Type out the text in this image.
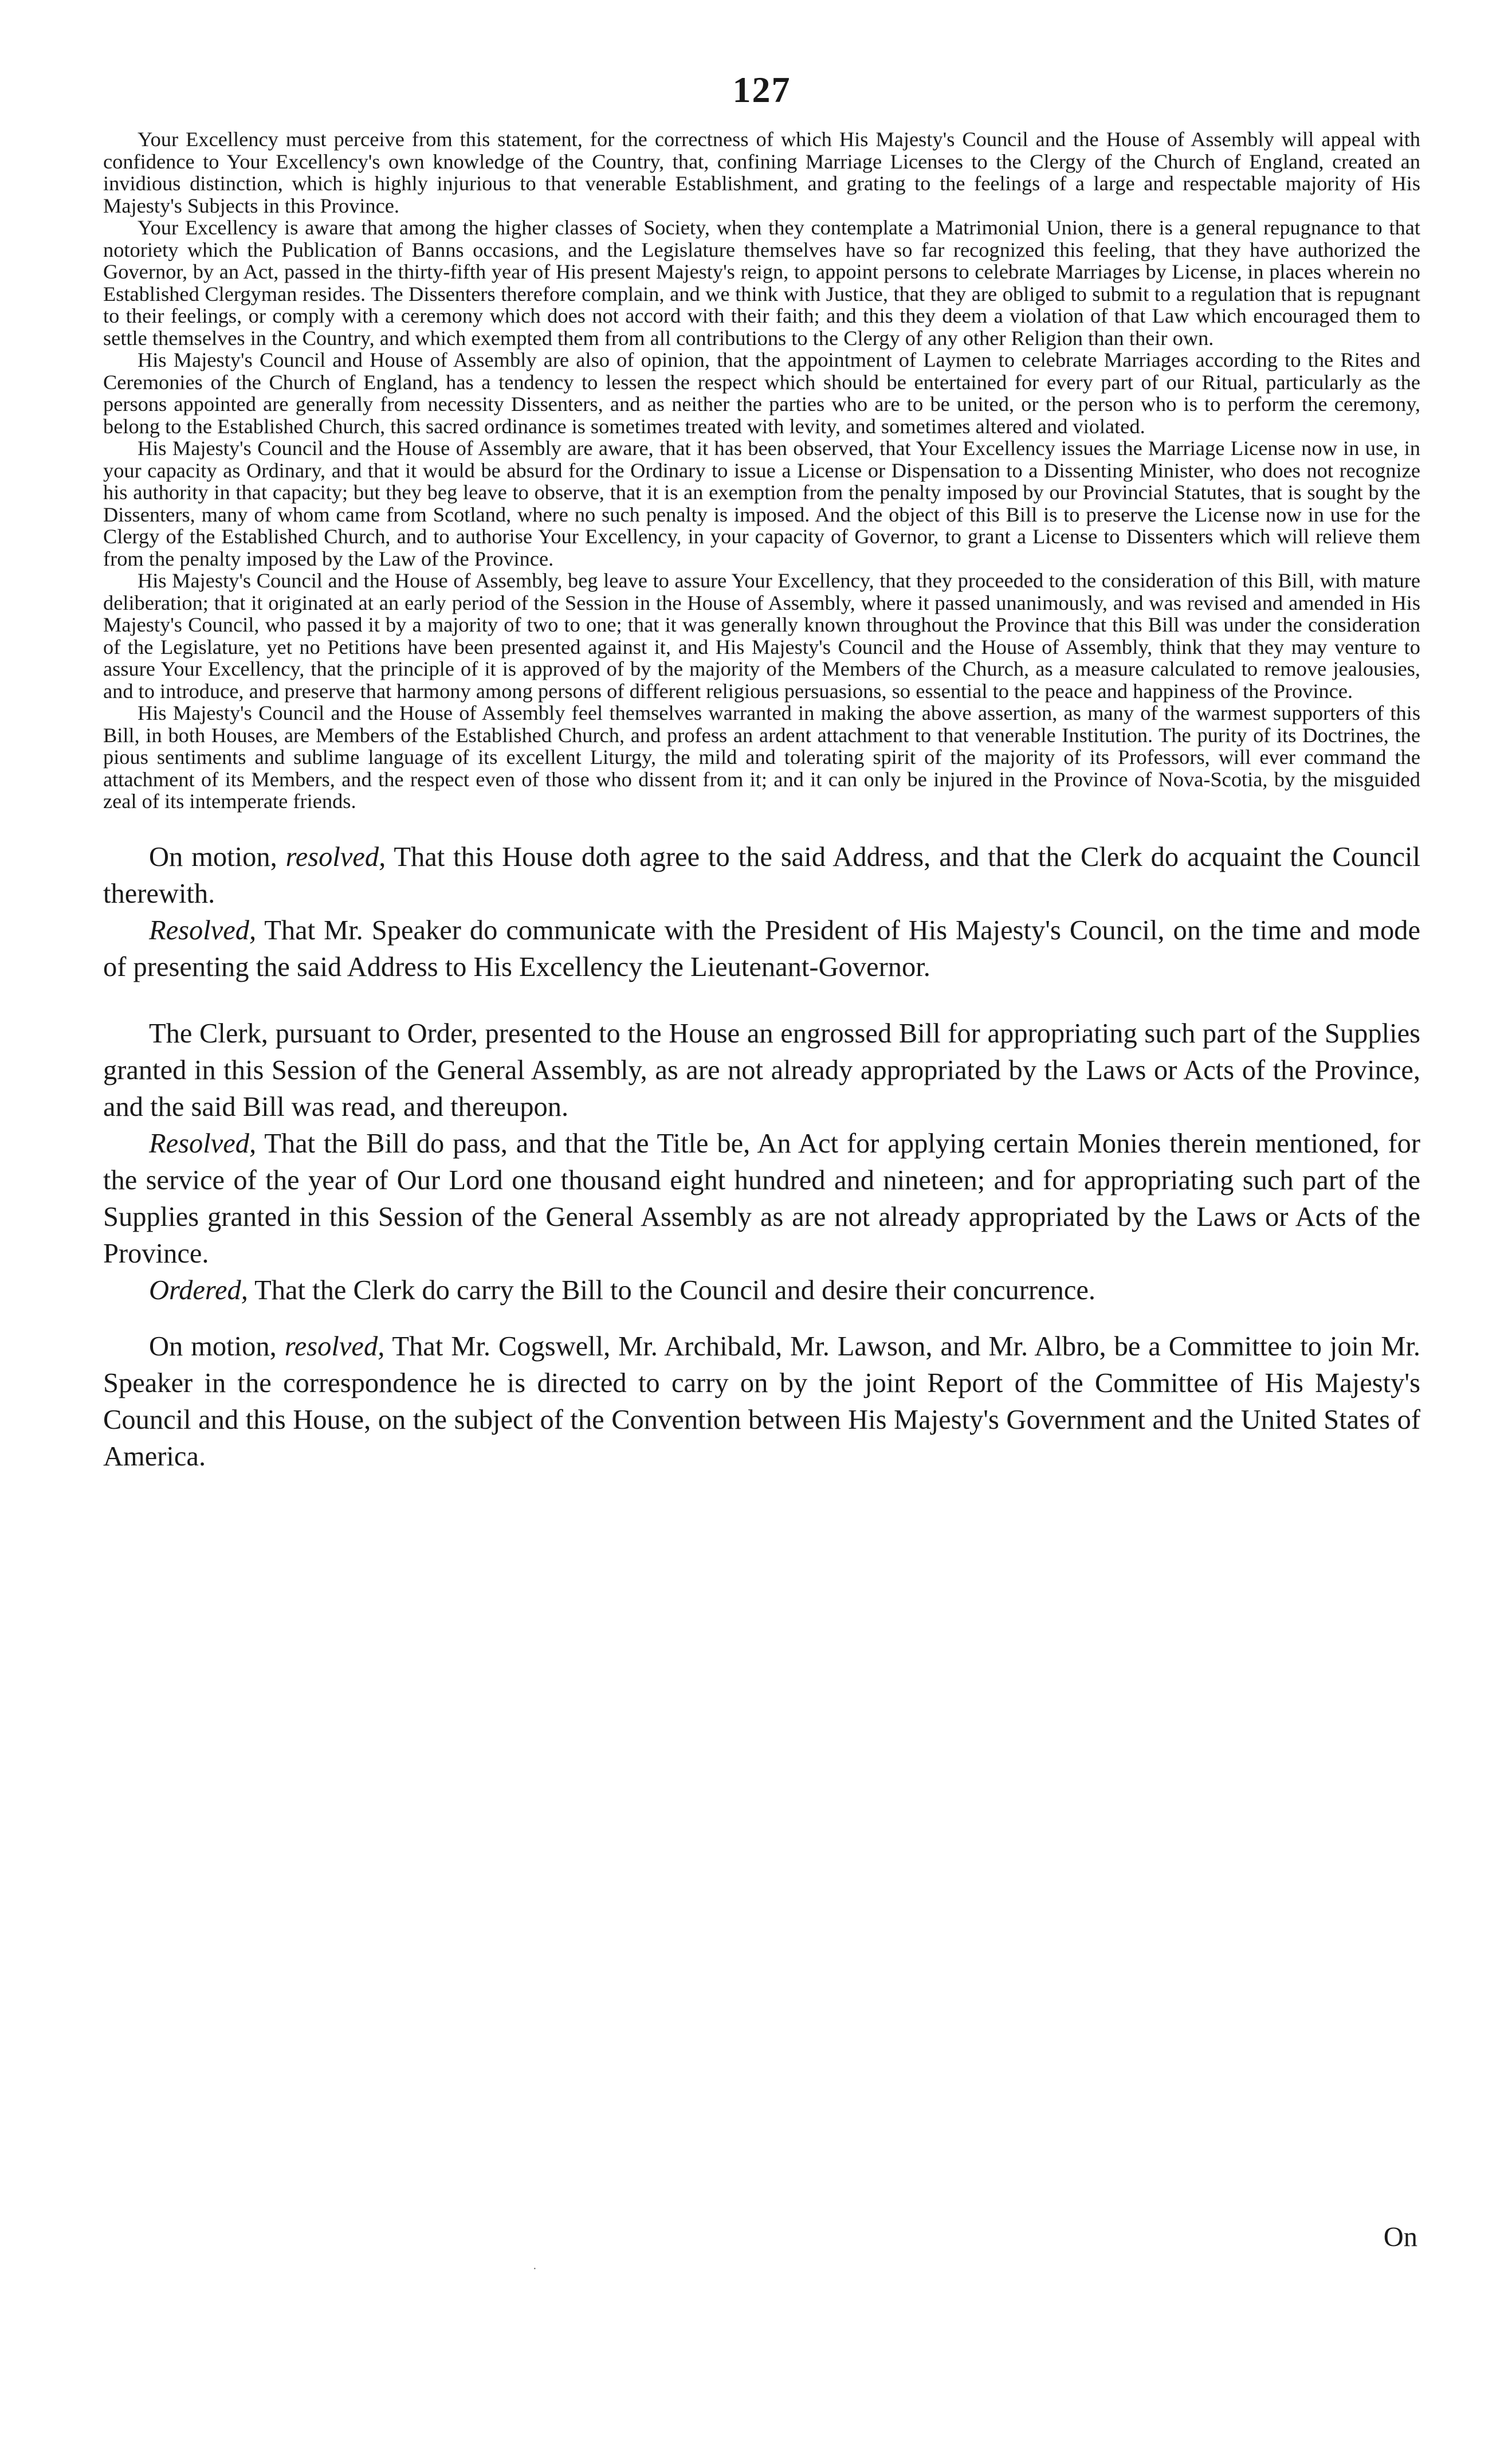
127

Your Excellency must perceive from this statement, for the correctness of which His Majesty's Council and the House of Assembly will appeal with confidence to Your Excellency's own knowledge of the Country, that, confining Marriage Licenses to the Clergy of the Church of England, created an invidious distinction, which is highly injurious to that venerable Establishment, and grating to the feelings of a large and respectable majority of His Majesty's Subjects in this Province.

Your Excellency is aware that among the higher classes of Society, when they contemplate a Matrimonial Union, there is a general repugnance to that notoriety which the Publication of Banns occasions, and the Legislature themselves have so far recognized this feeling, that they have authorized the Governor, by an Act, passed in the thirty-fifth year of His present Majesty's reign, to appoint persons to celebrate Marriages by License, in places wherein no Established Clergyman resides. The Dissenters therefore complain, and we think with Justice, that they are obliged to submit to a regulation that is repugnant to their feelings, or comply with a ceremony which does not accord with their faith; and this they deem a violation of that Law which encouraged them to settle themselves in the Country, and which exempted them from all contributions to the Clergy of any other Religion than their own.

His Majesty's Council and House of Assembly are also of opinion, that the appointment of Laymen to celebrate Marriages according to the Rites and Ceremonies of the Church of England, has a tendency to lessen the respect which should be entertained for every part of our Ritual, particularly as the persons appointed are generally from necessity Dissenters, and as neither the parties who are to be united, or the person who is to perform the ceremony, belong to the Established Church, this sacred ordinance is sometimes treated with levity, and sometimes altered and violated.

His Majesty's Council and the House of Assembly are aware, that it has been observed, that Your Excellency issues the Marriage License now in use, in your capacity as Ordinary, and that it would be absurd for the Ordinary to issue a License or Dispensation to a Dissenting Minister, who does not recognize his authority in that capacity; but they beg leave to observe, that it is an exemption from the penalty imposed by our Provincial Statutes, that is sought by the Dissenters, many of whom came from Scotland, where no such penalty is imposed. And the object of this Bill is to preserve the License now in use for the Clergy of the Established Church, and to authorise Your Excellency, in your capacity of Governor, to grant a License to Dissenters which will relieve them from the penalty imposed by the Law of the Province.

His Majesty's Council and the House of Assembly, beg leave to assure Your Excellency, that they proceeded to the consideration of this Bill, with mature deliberation; that it originated at an early period of the Session in the House of Assembly, where it passed unanimously, and was revised and amended in His Majesty's Council, who passed it by a majority of two to one; that it was generally known throughout the Province that this Bill was under the consideration of the Legislature, yet no Petitions have been presented against it, and His Majesty's Council and the House of Assembly, think that they may venture to assure Your Excellency, that the principle of it is approved of by the majority of the Members of the Church, as a measure calculated to remove jealousies, and to introduce, and preserve that harmony among persons of different religious persuasions, so essential to the peace and happiness of the Province.

His Majesty's Council and the House of Assembly feel themselves warranted in making the above assertion, as many of the warmest supporters of this Bill, in both Houses, are Members of the Established Church, and profess an ardent attachment to that venerable Institution. The purity of its Doctrines, the pious sentiments and sublime language of its excellent Liturgy, the mild and tolerating spirit of the majority of its Professors, will ever command the attachment of its Members, and the respect even of those who dissent from it; and it can only be injured in the Province of Nova-Scotia, by the misguided zeal of its intemperate friends.

On motion, resolved, That this House doth agree to the said Address, and that the Clerk do acquaint the Council therewith.

Resolved, That Mr. Speaker do communicate with the President of His Majesty's Council, on the time and mode of presenting the said Address to His Excellency the Lieutenant-Governor.

The Clerk, pursuant to Order, presented to the House an engrossed Bill for appropriating such part of the Supplies granted in this Session of the General Assembly, as are not already appropriated by the Laws or Acts of the Province, and the said Bill was read, and thereupon.

Resolved, That the Bill do pass, and that the Title be, An Act for applying certain Monies therein mentioned, for the service of the year of Our Lord one thousand eight hundred and nineteen; and for appropriating such part of the Supplies granted in this Session of the General Assembly as are not already appropriated by the Laws or Acts of the Province.

Ordered, That the Clerk do carry the Bill to the Council and desire their concurrence.

On motion, resolved, That Mr. Cogswell, Mr. Archibald, Mr. Lawson, and Mr. Albro, be a Committee to join Mr. Speaker in the correspondence he is directed to carry on by the joint Report of the Committee of His Majesty's Council and this House, on the subject of the Convention between His Majesty's Government and the United States of America.

On
·
